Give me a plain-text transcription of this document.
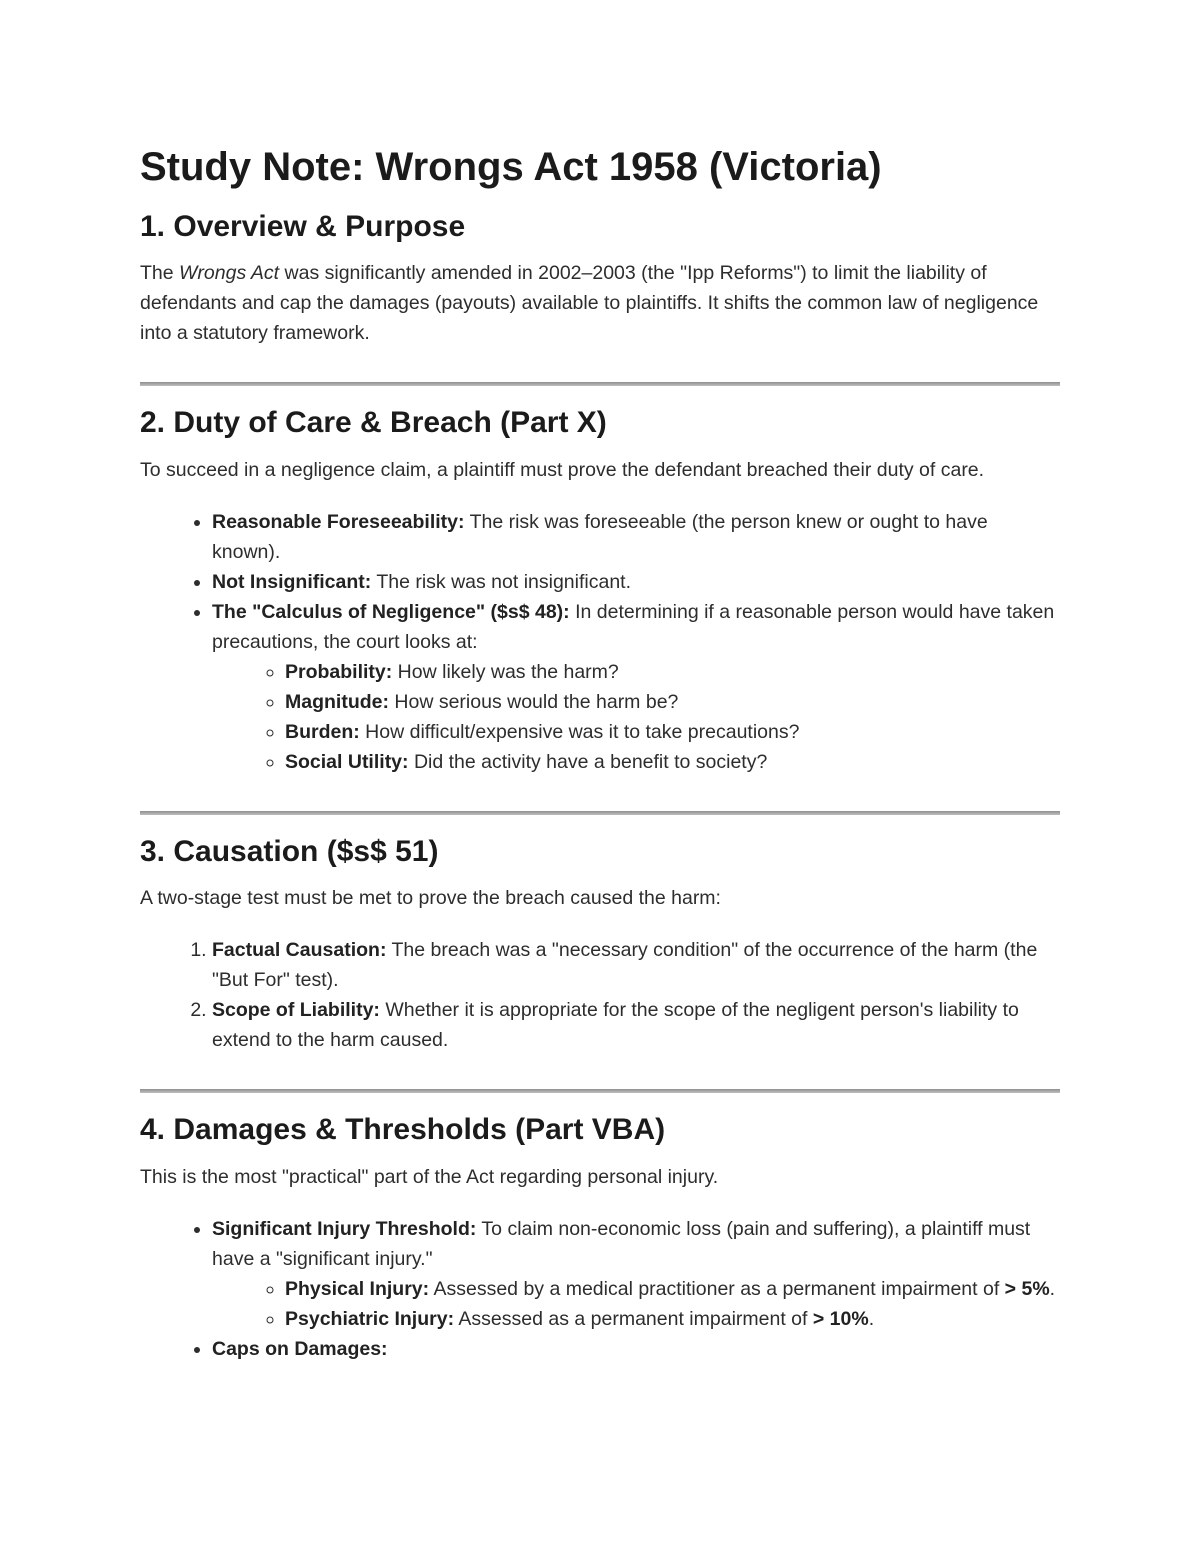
Study Note: Wrongs Act 1958 (Victoria)
1. Overview & Purpose

The Wrongs Act was significantly amended in 2002–2003 (the "Ipp Reforms") to limit the liability of defendants and cap the damages (payouts) available to plaintiffs. It shifts the common law of negligence into a statutory framework.

2. Duty of Care & Breach (Part X)

To succeed in a negligence claim, a plaintiff must prove the defendant breached their duty of care.

• Reasonable Foreseeability: The risk was foreseeable (the person knew or ought to have known).
• Not Insignificant: The risk was not insignificant.
• The "Calculus of Negligence" ($s$ 48): In determining if a reasonable person would have taken precautions, the court looks at:
◦ Probability: How likely was the harm?
◦ Magnitude: How serious would the harm be?
◦ Burden: How difficult/expensive was it to take precautions?
◦ Social Utility: Did the activity have a benefit to society?
3. Causation ($s$ 51)

A two-stage test must be met to prove the breach caused the harm:

1. Factual Causation: The breach was a "necessary condition" of the occurrence of the harm (the "But For" test).
2. Scope of Liability: Whether it is appropriate for the scope of the negligent person's liability to extend to the harm caused.
4. Damages & Thresholds (Part VBA)

This is the most "practical" part of the Act regarding personal injury.

• Significant Injury Threshold: To claim non-economic loss (pain and suffering), a plaintiff must have a "significant injury."
◦ Physical Injury: Assessed by a medical practitioner as a permanent impairment of > 5%.
◦ Psychiatric Injury: Assessed as a permanent impairment of > 10%.
• Caps on Damages:
